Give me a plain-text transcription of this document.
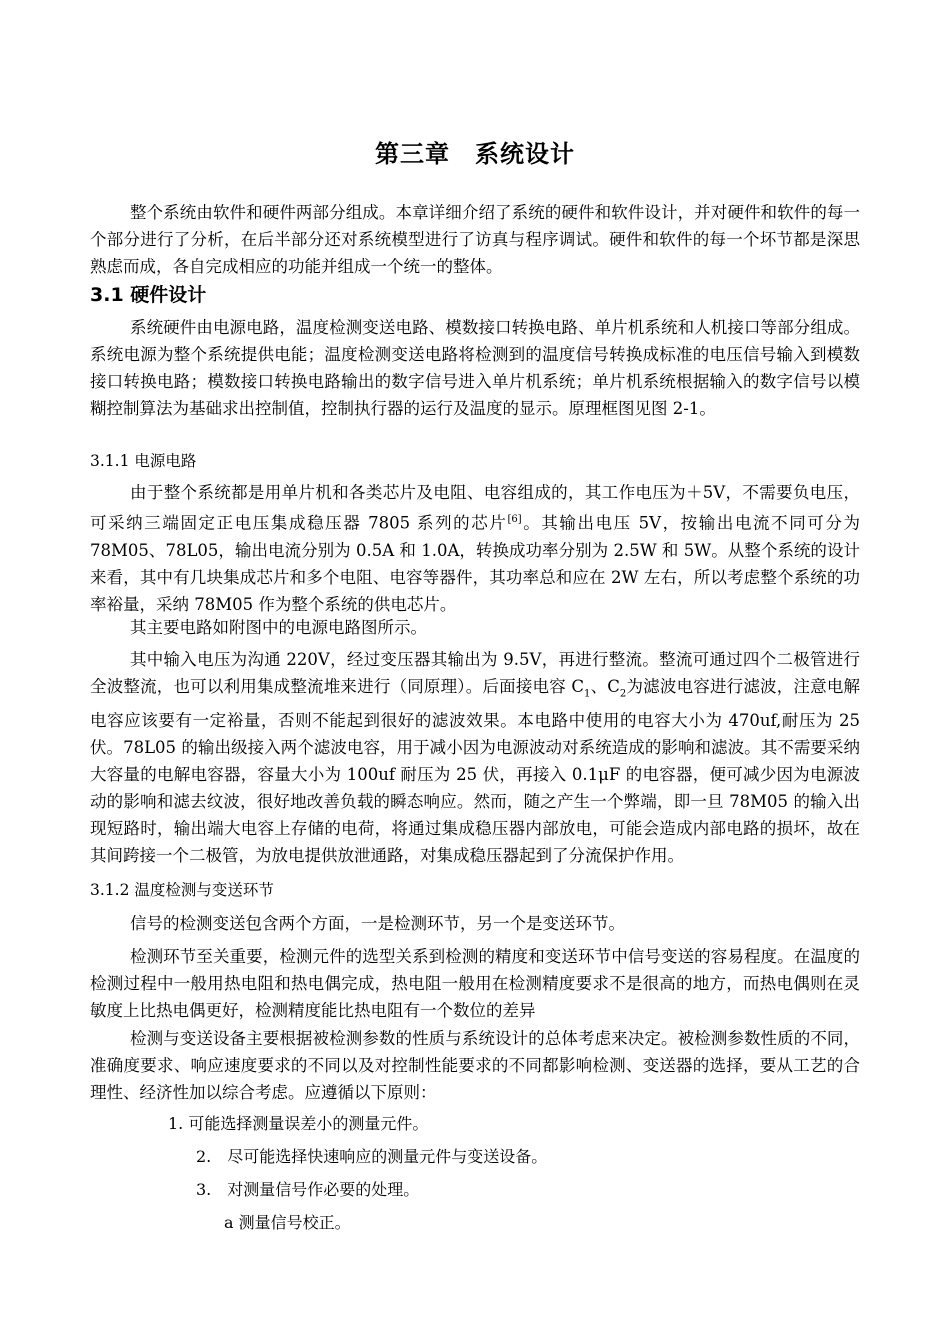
第三章　系统设计

整个系统由软件和硬件两部分组成。本章详细介绍了系统的硬件和软件设计，并对硬件和软件的每一个部分进行了分析，在后半部分还对系统模型进行了访真与程序调试。硬件和软件的每一个坏节都是深思熟虑而成，各自完成相应的功能并组成一个统一的整体。

3.1 硬件设计

系统硬件由电源电路，温度检测变送电路、模数接口转换电路、单片机系统和人机接口等部分组成。系统电源为整个系统提供电能；温度检测变送电路将检测到的温度信号转换成标准的电压信号输入到模数接口转换电路；模数接口转换电路输出的数字信号进入单片机系统；单片机系统根据输入的数字信号以模糊控制算法为基础求出控制值，控制执行器的运行及温度的显示。原理框图见图 2-1。

3.1.1 电源电路

由于整个系统都是用单片机和各类芯片及电阻、电容组成的，其工作电压为＋5V，不需要负电压，可采纳三端固定正电压集成稳压器 7805 系列的芯片[6]。其输出电压 5V，按输出电流不同可分为 78M05、78L05，输出电流分别为 0.5A 和 1.0A，转换成功率分别为 2.5W 和 5W。从整个系统的设计来看，其中有几块集成芯片和多个电阻、电容等器件，其功率总和应在 2W 左右，所以考虑整个系统的功率裕量，采纳 78M05 作为整个系统的供电芯片。

其主要电路如附图中的电源电路图所示。

其中输入电压为沟通 220V，经过变压器其输出为 9.5V，再进行整流。整流可通过四个二极管进行全波整流，也可以利用集成整流堆来进行（同原理）。后面接电容 $C_1$、$C_2$为滤波电容进行滤波，注意电解电容应该要有一定裕量，否则不能起到很好的滤波效果。本电路中使用的电容大小为 470uf,耐压为 25 伏。78L05 的输出级接入两个滤波电容，用于减小因为电源波动对系统造成的影响和滤波。其不需要采纳大容量的电解电容器，容量大小为 100uf 耐压为 25 伏，再接入 0.1μF 的电容器，便可减少因为电源波动的影响和滤去纹波，很好地改善负载的瞬态响应。然而，随之产生一个弊端，即一旦 78M05 的输入出现短路时，输出端大电容上存储的电荷，将通过集成稳压器内部放电，可能会造成内部电路的损坏，故在其间跨接一个二极管，为放电提供放泄通路，对集成稳压器起到了分流保护作用。

3.1.2 温度检测与变送环节

信号的检测变送包含两个方面，一是检测环节，另一个是变送环节。

检测环节至关重要，检测元件的选型关系到检测的精度和变送环节中信号变送的容易程度。在温度的检测过程中一般用热电阻和热电偶完成，热电阻一般用在检测精度要求不是很高的地方，而热电偶则在灵敏度上比热电偶更好，检测精度能比热电阻有一个数位的差异

检测与变送设备主要根据被检测参数的性质与系统设计的总体考虑来决定。被检测参数性质的不同，准确度要求、响应速度要求的不同以及对控制性能要求的不同都影响检测、变送器的选择，要从工艺的合理性、经济性加以综合考虑。应遵循以下原则：

1. 可能选择测量误差小的测量元件。
2.　尽可能选择快速响应的测量元件与变送设备。
3.　对测量信号作必要的处理。
a 测量信号校正。
